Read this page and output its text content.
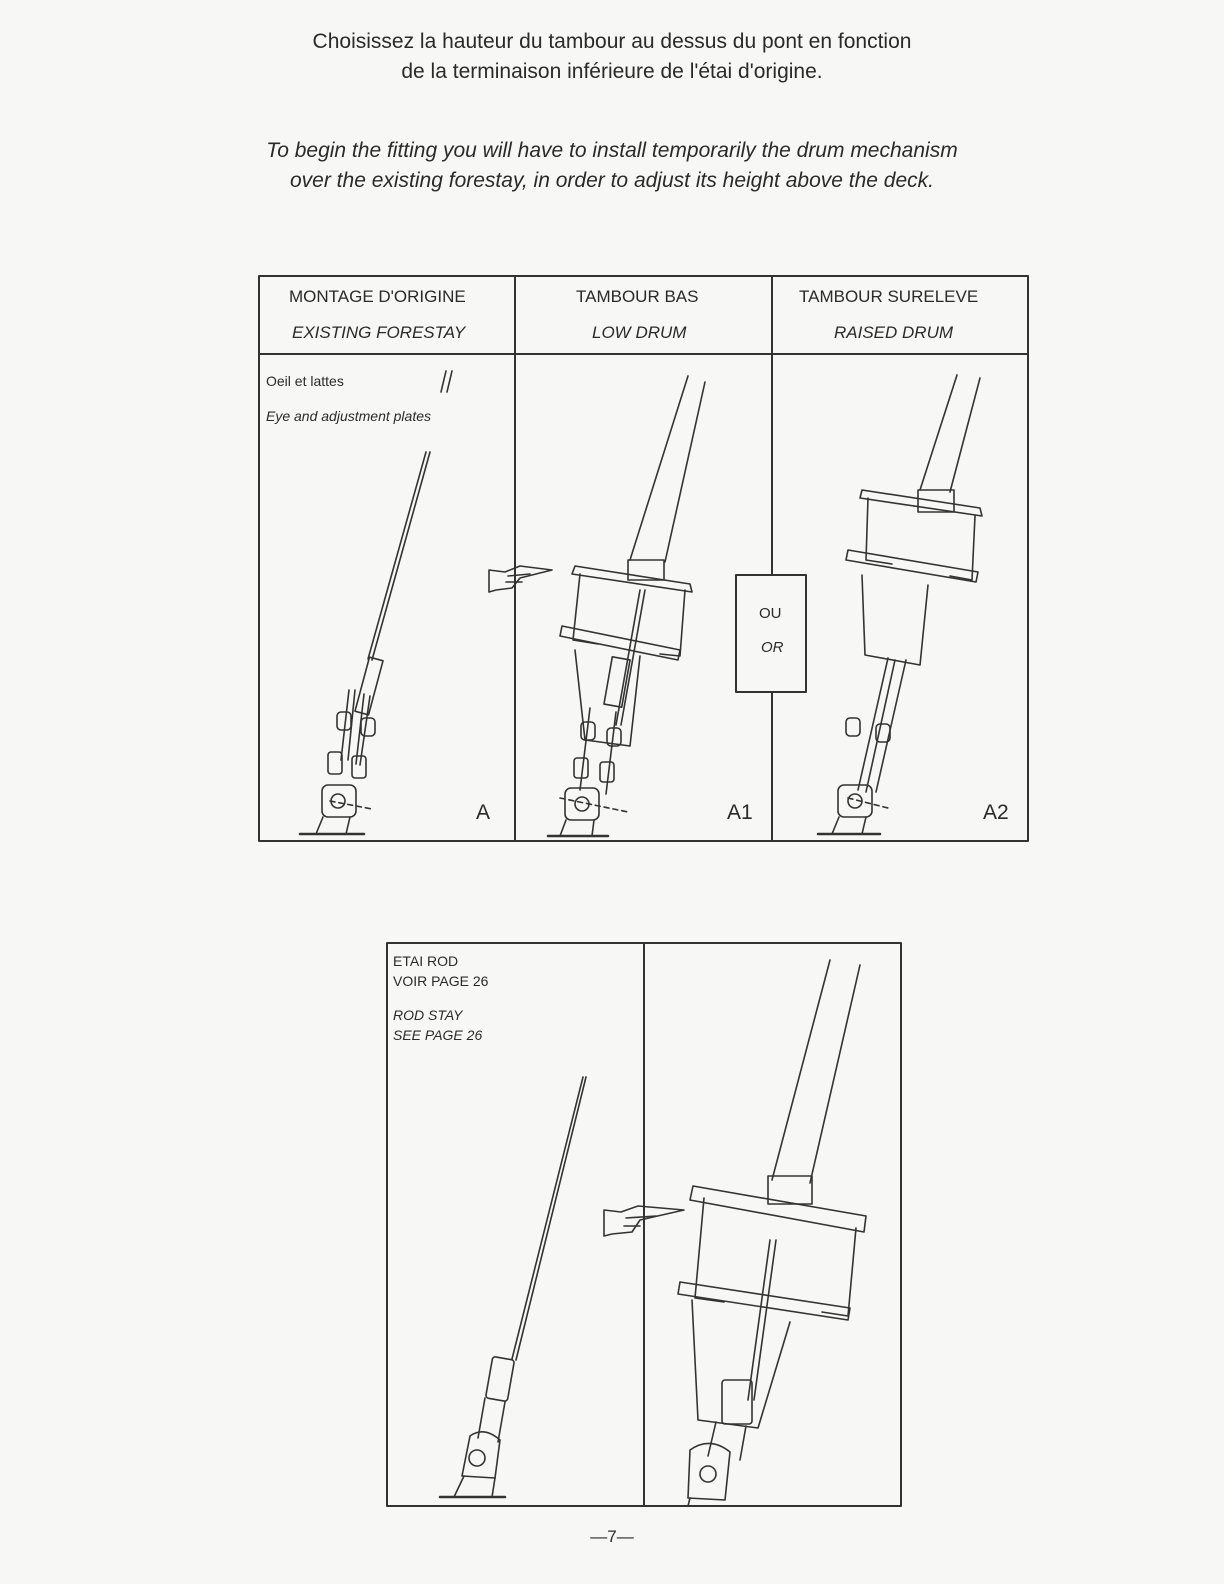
Choisissez la hauteur du tambour au dessus du pont en fonction

de la terminaison inférieure de l'étai d'origine.

To begin the fitting you will have to install temporarily the drum mechanism

over the existing forestay, in order to adjust its height above the deck.

MONTAGE D'ORIGINE
EXISTING FORESTAY
TAMBOUR BAS
LOW DRUM
TAMBOUR SURELEVE
RAISED DRUM
Oeil et lattes
Eye and adjustment plates
A	A1	A2
OU
OR
ETAI ROD
VOIR PAGE 26
ROD STAY
SEE PAGE 26
—7—
